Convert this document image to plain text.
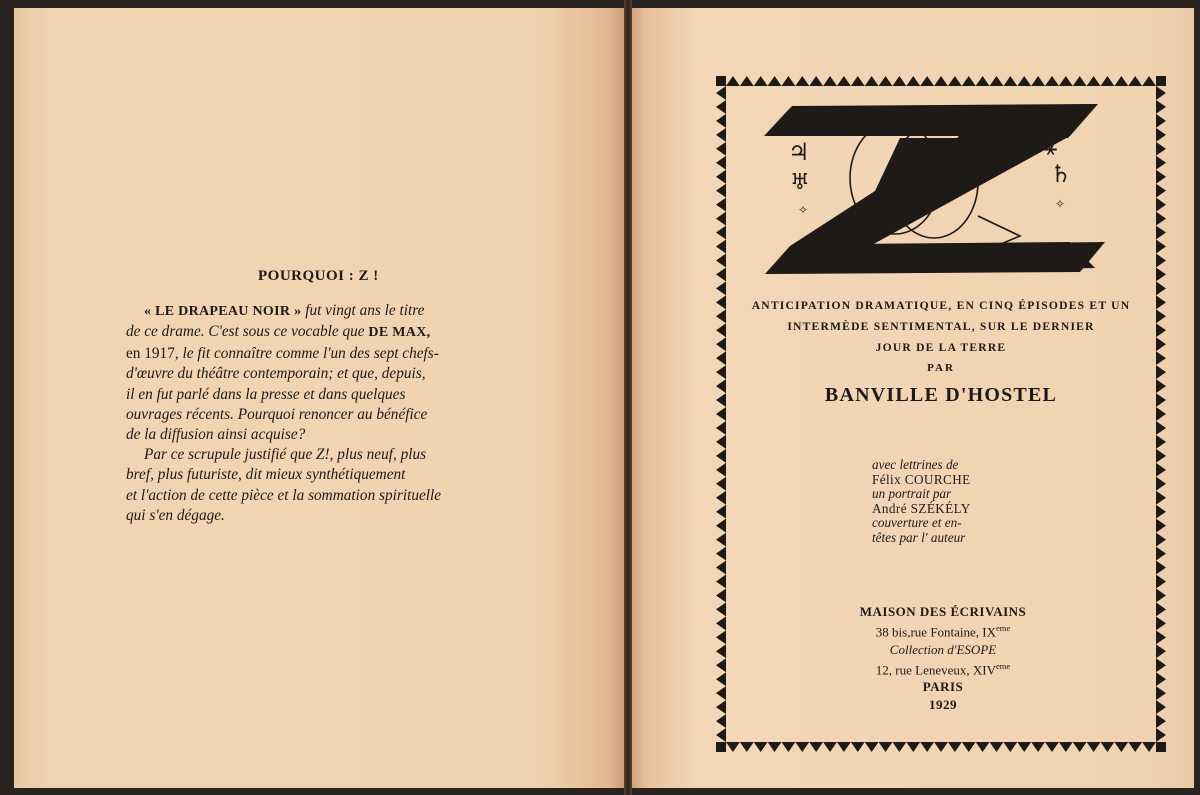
POURQUOI : Z !

« LE DRAPEAU NOIR » fut vingt ans le titre
de ce drame. C'est sous ce vocable que DE MAX,
en 1917, le fit connaître comme l'un des sept chefs-
d'œuvre du théâtre contemporain; et que, depuis,
il en fut parlé dans la presse et dans quelques
ouvrages récents. Pourquoi renoncer au bénéfice
de la diffusion ainsi acquise?

Par ce scrupule justifié que Z!, plus neuf, plus
bref, plus futuriste, dit mieux synthétiquement
et l'action de cette pièce et la sommation spirituelle
qui s'en dégage.

♃
♅
✧
⚹
♄
✧
ANTICIPATION DRAMATIQUE, EN CINQ ÉPISODES ET UN
INTERMÈDE SENTIMENTAL, SUR LE DERNIER
JOUR DE LA TERRE
PAR
BANVILLE D'HOSTEL
avec lettrines de
Félix COURCHE
un portrait par
André SZÉKÉLY
couverture et en-
têtes par l' auteur
MAISON DES ÉCRIVAINS
38 bis,rue Fontaine, IXeme
Collection d'ESOPE
12, rue Leneveux, XIVeme
PARIS
1929
